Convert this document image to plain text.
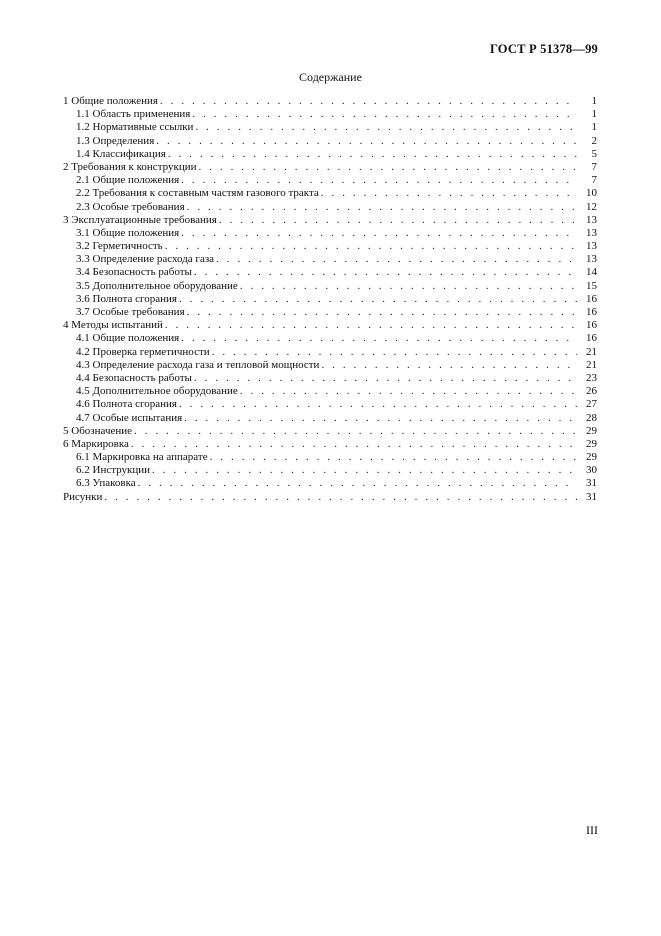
ГОСТ Р 51378—99
Содержание
1 Общие положения . . .	1
1.1 Область применения . . .	1
1.2 Нормативные ссылки . . .	1
1.3 Определения . . .	2
1.4 Классификация . . .	5
2 Требования к конструкции . . .	7
2.1 Общие положения . . .	7
2.2 Требования к составным частям газового тракта . . .	10
2.3 Особые требования . . .	12
3 Эксплуатационные требования . . .	13
3.1 Общие положения . . .	13
3.2 Герметичность . . .	13
3.3 Определение расхода газа . . .	13
3.4 Безопасность работы . . .	14
3.5 Дополнительное оборудование . . .	15
3.6 Полнота сгорания . . .	16
3.7 Особые требования . . .	16
4 Методы испытаний . . .	16
4.1 Общие положения . . .	16
4.2 Проверка герметичности . . .	21
4.3 Определение расхода газа и тепловой мощности . . .	21
4.4 Безопасность работы . . .	23
4.5 Дополнительное оборудование . . .	26
4.6 Полнота сгорания . . .	27
4.7 Особые испытания . . .	28
5 Обозначение . . .	29
6 Маркировка . . .	29
6.1 Маркировка на аппарате . . .	29
6.2 Инструкции . . .	30
6.3 Упаковка . . .	31
Рисунки . . .	31
III
